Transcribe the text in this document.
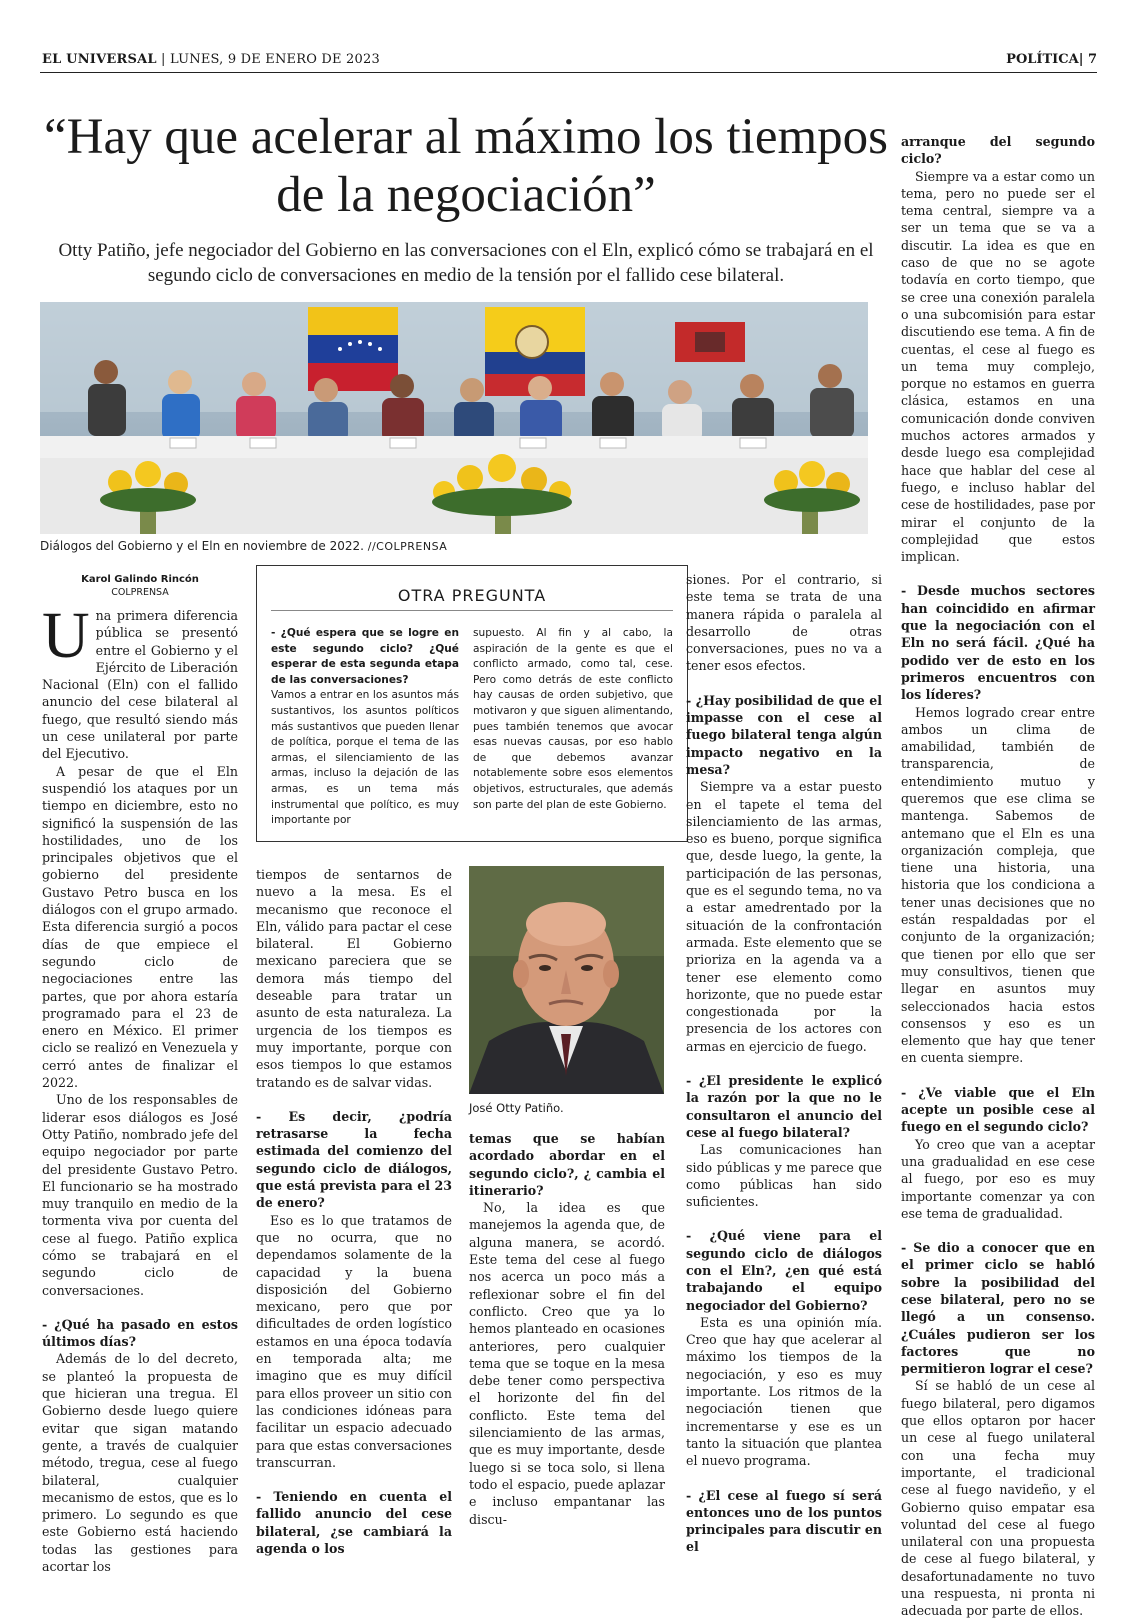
EL UNIVERSAL | LUNES, 9 DE ENERO DE 2023	POLÍTICA| 7
“Hay que acelerar al máximo los tiempos de la negociación”
Otty Patiño, jefe negociador del Gobierno en las conversaciones con el Eln, explicó cómo se trabajará en el segundo ciclo de conversaciones en medio de la tensión por el fallido cese bilateral.
Diálogos del Gobierno y el Eln en noviembre de 2022. //COLPRENSA
Karol Galindo Rincón
COLPRENSA

Una primera diferencia pública se presentó entre el Gobierno y el Ejército de Liberación Nacional (Eln) con el fallido anuncio del cese bilateral al fuego, que resultó siendo más un cese unilateral por parte del Ejecutivo.

A pesar de que el Eln suspendió los ataques por un tiempo en diciembre, esto no significó la suspensión de las hostilidades, uno de los principales objetivos que el gobierno del presidente Gustavo Petro busca en los diálogos con el grupo armado. Esta diferencia surgió a pocos días de que empiece el segundo ciclo de negociaciones entre las partes, que por ahora estaría programado para el 23 de enero en México. El primer ciclo se realizó en Venezuela y cerró antes de finalizar el 2022.

Uno de los responsables de liderar esos diálogos es José Otty Patiño, nombrado jefe del equipo negociador por parte del presidente Gustavo Petro. El funcionario se ha mostrado muy tranquilo en medio de la tormenta viva por cuenta del cese al fuego. Patiño explica cómo se trabajará en el segundo ciclo de conversaciones.

- ¿Qué ha pasado en estos últimos días?

Además de lo del decreto, se planteó la propuesta de que hicieran una tregua. El Gobierno desde luego quiere evitar que sigan matando gente, a través de cualquier método, tregua, cese al fuego bilateral, cualquier mecanismo de estos, que es lo primero. Lo segundo es que este Gobierno está haciendo todas las gestiones para acortar los

OTRA PREGUNTA
- ¿Qué espera que se logre en este segundo ciclo? ¿Qué esperar de esta segunda etapa de las conversaciones?
Vamos a entrar en los asuntos más sustantivos, los asuntos políticos más sustantivos que pueden llenar de política, porque el tema de las armas, el silenciamiento de las armas, incluso la dejación de las armas, es un tema más instrumental que político, es muy importante por
supuesto. Al fin y al cabo, la aspiración de la gente es que el conflicto armado, como tal, cese. Pero como detrás de este conflicto hay causas de orden subjetivo, que motivaron y que siguen alimentando, pues también tenemos que avocar esas nuevas causas, por eso hablo de que debemos avanzar notablemente sobre esos elementos objetivos, estructurales, que además son parte del plan de este Gobierno.

tiempos de sentarnos de nuevo a la mesa. Es el mecanismo que reconoce el Eln, válido para pactar el cese bilateral. El Gobierno mexicano pareciera que se demora más tiempo del deseable para tratar un asunto de esta naturaleza. La urgencia de los tiempos es muy importante, porque con esos tiempos lo que estamos tratando es de salvar vidas.

- Es decir, ¿podría retrasarse la fecha estimada del comienzo del segundo ciclo de diálogos, que está prevista para el 23 de enero?

Eso es lo que tratamos de que no ocurra, que no dependamos solamente de la capacidad y la buena disposición del Gobierno mexicano, pero que por dificultades de orden logístico estamos en una época todavía en temporada alta; me imagino que es muy difícil para ellos proveer un sitio con las condiciones idóneas para facilitar un espacio adecuado para que estas conversaciones transcurran.

- Teniendo en cuenta el fallido anuncio del cese bilateral, ¿se cambiará la agenda o los

José Otty Patiño.

temas que se habían acordado abordar en el segundo ciclo?, ¿ cambia el itinerario?

No, la idea es que manejemos la agenda que, de alguna manera, se acordó. Este tema del cese al fuego nos acerca un poco más a reflexionar sobre el fin del conflicto. Creo que ya lo hemos planteado en ocasiones anteriores, pero cualquier tema que se toque en la mesa debe tener como perspectiva el horizonte del fin del conflicto. Este tema del silenciamiento de las armas, que es muy importante, desde luego si se toca solo, si llena todo el espacio, puede aplazar e incluso empantanar las discu-

siones. Por el contrario, si este tema se trata de una manera rápida o paralela al desarrollo de otras conversaciones, pues no va a tener esos efectos.

- ¿Hay posibilidad de que el impasse con el cese al fuego bilateral tenga algún impacto negativo en la mesa?

Siempre va a estar puesto en el tapete el tema del silenciamiento de las armas, eso es bueno, porque significa que, desde luego, la gente, la participación de las personas, que es el segundo tema, no va a estar amedrentado por la situación de la confrontación armada. Este elemento que se prioriza en la agenda va a tener ese elemento como horizonte, que no puede estar congestionada por la presencia de los actores con armas en ejercicio de fuego.

- ¿El presidente le explicó la razón por la que no le consultaron el anuncio del cese al fuego bilateral?

Las comunicaciones han sido públicas y me parece que como públicas han sido suficientes.

- ¿Qué viene para el segundo ciclo de diálogos con el Eln?, ¿en qué está trabajando el equipo negociador del Gobierno?

Esta es una opinión mía. Creo que hay que acelerar al máximo los tiempos de la negociación, y eso es muy importante. Los ritmos de la negociación tienen que incrementarse y ese es un tanto la situación que plantea el nuevo programa.

- ¿El cese al fuego sí será entonces uno de los puntos principales para discutir en el

arranque del segundo ciclo?

Siempre va a estar como un tema, pero no puede ser el tema central, siempre va a ser un tema que se va a discutir. La idea es que en caso de que no se agote todavía en corto tiempo, que se cree una conexión paralela o una subcomisión para estar discutiendo ese tema. A fin de cuentas, el cese al fuego es un tema muy complejo, porque no estamos en guerra clásica, estamos en una comunicación donde conviven muchos actores armados y desde luego esa complejidad hace que hablar del cese al fuego, e incluso hablar del cese de hostilidades, pase por mirar el conjunto de la complejidad que estos implican.

- Desde muchos sectores han coincidido en afirmar que la negociación con el Eln no será fácil. ¿Qué ha podido ver de esto en los primeros encuentros con los líderes?

Hemos logrado crear entre ambos un clima de amabilidad, también de transparencia, de entendimiento mutuo y queremos que ese clima se mantenga. Sabemos de antemano que el Eln es una organización compleja, que tiene una historia, una historia que los condiciona a tener unas decisiones que no están respaldadas por el conjunto de la organización; que tienen por ello que ser muy consultivos, tienen que llegar en asuntos muy seleccionados hacia estos consensos y eso es un elemento que hay que tener en cuenta siempre.

- ¿Ve viable que el Eln acepte un posible cese al fuego en el segundo ciclo?

Yo creo que van a aceptar una gradualidad en ese cese al fuego, por eso es muy importante comenzar ya con ese tema de gradualidad.

- Se dio a conocer que en el primer ciclo se habló sobre la posibilidad del cese bilateral, pero no se llegó a un consenso. ¿Cuáles pudieron ser los factores que no permitieron lograr el cese?

Sí se habló de un cese al fuego bilateral, pero digamos que ellos optaron por hacer un cese al fuego unilateral con una fecha muy importante, el tradicional cese al fuego navideño, y el Gobierno quiso empatar esa voluntad del cese al fuego unilateral con una propuesta de cese al fuego bilateral, y desafortunadamente no tuvo una respuesta, ni pronta ni adecuada por parte de ellos.
